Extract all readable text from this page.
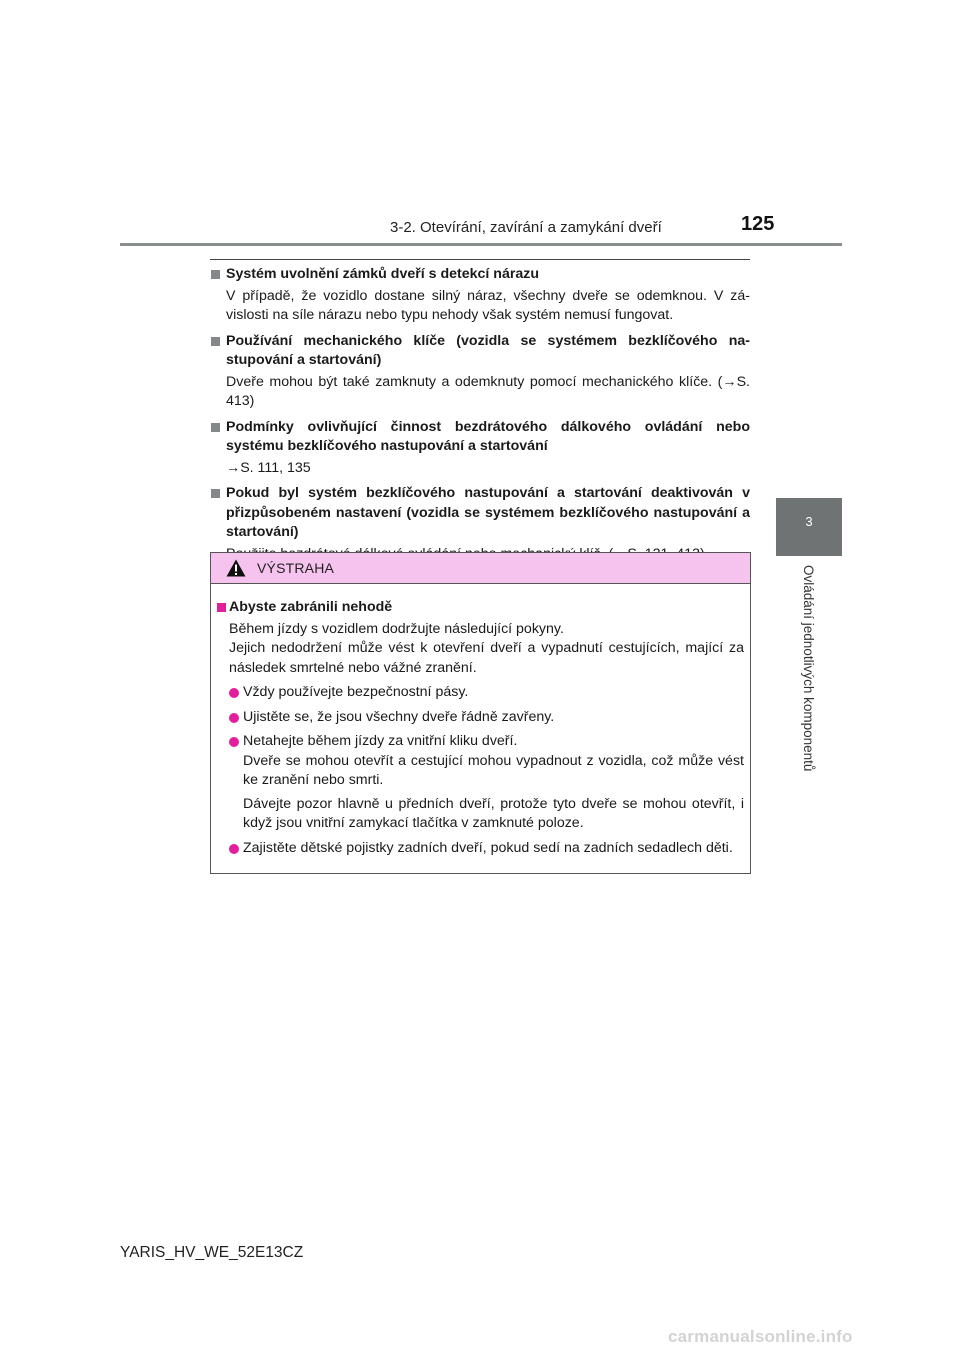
3-2. Otevírání, zavírání a zamykání dveří	125
3
Ovládání jednotlivých komponentů
Systém uvolnění zámků dveří s detekcí nárazu
V případě, že vozidlo dostane silný náraz, všechny dveře se odemknou. V závislosti na síle nárazu nebo typu nehody však systém nemusí fungovat.
Používání mechanického klíče (vozidla se systémem bezklíčového nastupování a startování)
Dveře mohou být také zamknuty a odemknuty pomocí mechanického klíče. (→S. 413)
Podmínky ovlivňující činnost bezdrátového dálkového ovládání nebo systému bezklíčového nastupování a startování
→S. 111, 135
Pokud byl systém bezklíčového nastupování a startování deaktivován v přizpůsobeném nastavení (vozidla se systémem bezklíčového nastupování a startování)
VÝSTRAHA
Abyste zabránili nehodě
Během jízdy s vozidlem dodržujte následující pokyny.
Jejich nedodržení může vést k otevření dveří a vypadnutí cestujících, mající za následek smrtelné nebo vážné zranění.
Vždy používejte bezpečnostní pásy.
Ujistěte se, že jsou všechny dveře řádně zavřeny.
Netahejte během jízdy za vnitřní kliku dveří.
Dveře se mohou otevřít a cestující mohou vypadnout z vozidla, což může vést ke zranění nebo smrti.
Dávejte pozor hlavně u předních dveří, protože tyto dveře se mohou otevřít, i když jsou vnitřní zamykací tlačítka v zamknuté poloze.
Zajistěte dětské pojistky zadních dveří, pokud sedí na zadních sedadlech děti.
YARIS_HV_WE_52E13CZ
carmanualsonline.info
